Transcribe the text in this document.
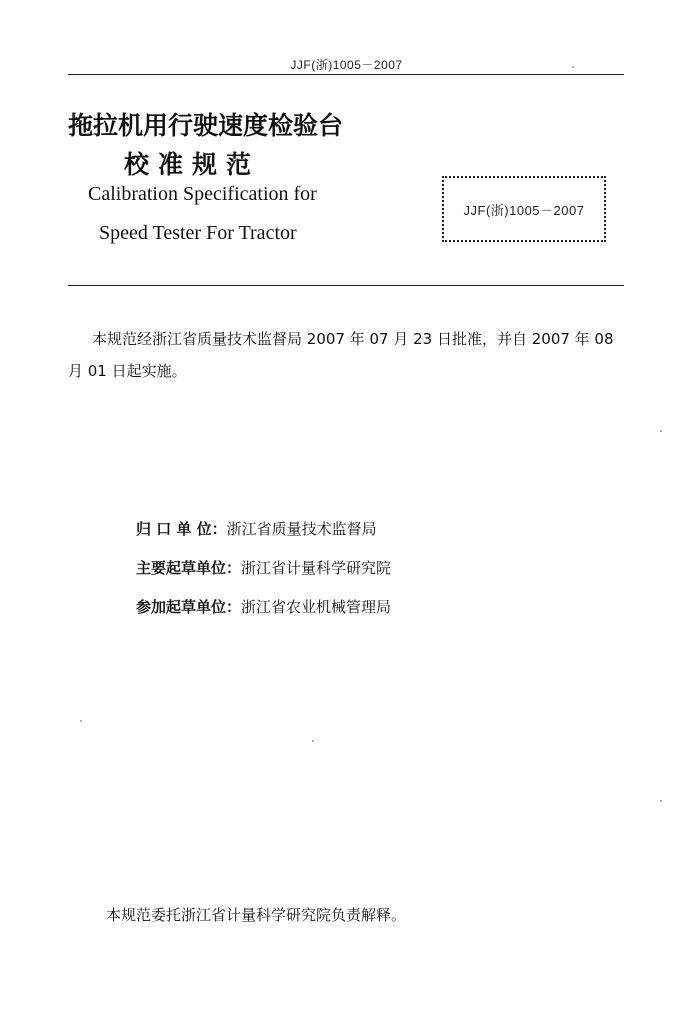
JJF(浙)1005－2007
拖拉机用行驶速度检验台
校准规范
Calibration Specification for
Speed Tester For Tractor
JJF(浙)1005－2007
本规范经浙江省质量技术监督局 2007 年 07 月 23 日批准，并自 2007 年 08 月 01 日起实施。
归 口 单 位： 浙江省质量技术监督局
主要起草单位： 浙江省计量科学研究院
参加起草单位： 浙江省农业机械管理局
本规范委托浙江省计量科学研究院负责解释。
